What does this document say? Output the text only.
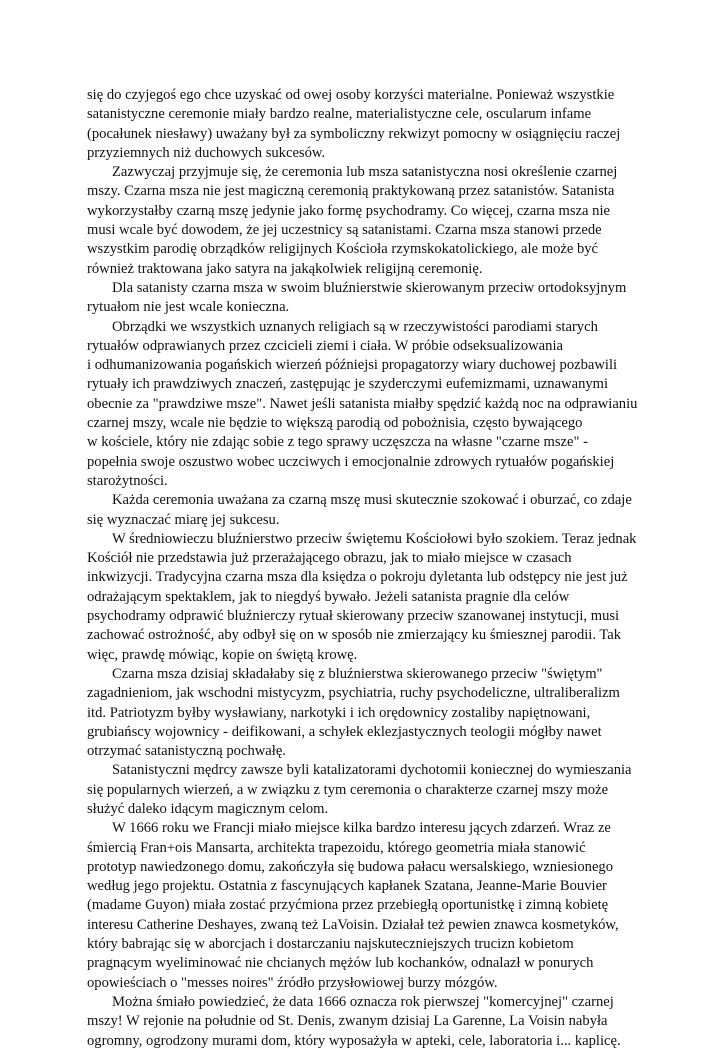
się do czyjegoś ego chce uzyskać od owej osoby korzyści materialne. Ponieważ wszystkie
satanistyczne ceremonie miały bardzo realne, materialistyczne cele, oscularum infame
(pocałunek niesławy) uważany był za symboliczny rekwizyt pomocny w osiągnięciu raczej
przyziemnych niż duchowych sukcesów.
Zazwyczaj przyjmuje się, że ceremonia lub msza satanistyczna nosi określenie czarnej
mszy. Czarna msza nie jest magiczną ceremonią praktykowaną przez satanistów. Satanista
wykorzystałby czarną mszę jedynie jako formę psychodramy. Co więcej, czarna msza nie
musi wcale być dowodem, że jej uczestnicy są satanistami. Czarna msza stanowi przede
wszystkim parodię obrządków religijnych Kościoła rzymskokatolickiego, ale może być
również traktowana jako satyra na jakąkolwiek religijną ceremonię.
Dla satanisty czarna msza w swoim bluźnierstwie skierowanym przeciw ortodoksyjnym
rytuałom nie jest wcale konieczna.
Obrządki we wszystkich uznanych religiach są w rzeczywistości parodiami starych
rytuałów odprawianych przez czcicieli ziemi i ciała. W próbie odseksualizowania
i odhumanizowania pogańskich wierzeń późniejsi propagatorzy wiary duchowej pozbawili
rytuały ich prawdziwych znaczeń, zastępując je szyderczymi eufemizmami, uznawanymi
obecnie za "prawdziwe msze". Nawet jeśli satanista miałby spędzić każdą noc na odprawianiu
czarnej mszy, wcale nie będzie to większą parodią od pobożnisia, często bywającego
w kościele, który nie zdając sobie z tego sprawy uczęszcza na własne "czarne msze" -
popełnia swoje oszustwo wobec uczciwych i emocjonalnie zdrowych rytuałów pogańskiej
starożytności.
Każda ceremonia uważana za czarną mszę musi skutecznie szokować i oburzać, co zdaje
się wyznaczać miarę jej sukcesu.
W średniowieczu bluźnierstwo przeciw świętemu Kościołowi było szokiem. Teraz jednak
Kościół nie przedstawia już przerażającego obrazu, jak to miało miejsce w czasach
inkwizycji. Tradycyjna czarna msza dla księdza o pokroju dyletanta lub odstępcy nie jest już
odrażającym spektaklem, jak to niegdyś bywało. Jeżeli satanista pragnie dla celów
psychodramy odprawić bluźnierczy rytuał skierowany przeciw szanowanej instytucji, musi
zachować ostrożność, aby odbył się on w sposób nie zmierzający ku śmiesznej parodii. Tak
więc, prawdę mówiąc, kopie on świętą krowę.
Czarna msza dzisiaj składałaby się z bluźnierstwa skierowanego przeciw "świętym"
zagadnieniom, jak wschodni mistycyzm, psychiatria, ruchy psychodeliczne, ultraliberalizm
itd. Patriotyzm byłby wysławiany, narkotyki i ich orędownicy zostaliby napiętnowani,
grubiańscy wojownicy - deifikowani, a schyłek eklezjastycznych teologii mógłby nawet
otrzymać satanistyczną pochwałę.
Satanistyczni mędrcy zawsze byli katalizatorami dychotomii koniecznej do wymieszania
się popularnych wierzeń, a w związku z tym ceremonia o charakterze czarnej mszy może
służyć daleko idącym magicznym celom.
W 1666 roku we Francji miało miejsce kilka bardzo interesu jących zdarzeń. Wraz ze
śmiercią Fran+ois Mansarta, architekta trapezoidu, którego geometria miała stanowić
prototyp nawiedzonego domu, zakończyła się budowa pałacu wersalskiego, wzniesionego
według jego projektu. Ostatnia z fascynujących kapłanek Szatana, Jeanne-Marie Bouvier
(madame Guyon) miała zostać przyćmiona przez przebiegłą oportunistkę i zimną kobietę
interesu Catherine Deshayes, zwaną też LaVoisin. Działał też pewien znawca kosmetyków,
który babrając się w aborcjach i dostarczaniu najskuteczniejszych trucizn kobietom
pragnącym wyeliminować nie chcianych mężów lub kochanków, odnalazł w ponurych
opowieściach o "messes noires" źródło przysłowiowej burzy mózgów.
Można śmiało powiedzieć, że data 1666 oznacza rok pierwszej "komercyjnej" czarnej
mszy! W rejonie na południe od St. Denis, zwanym dzisiaj La Garenne, La Voisin nabyła
ogromny, ogrodzony murami dom, który wyposażyła w apteki, cele, laboratoria i... kaplicę.
